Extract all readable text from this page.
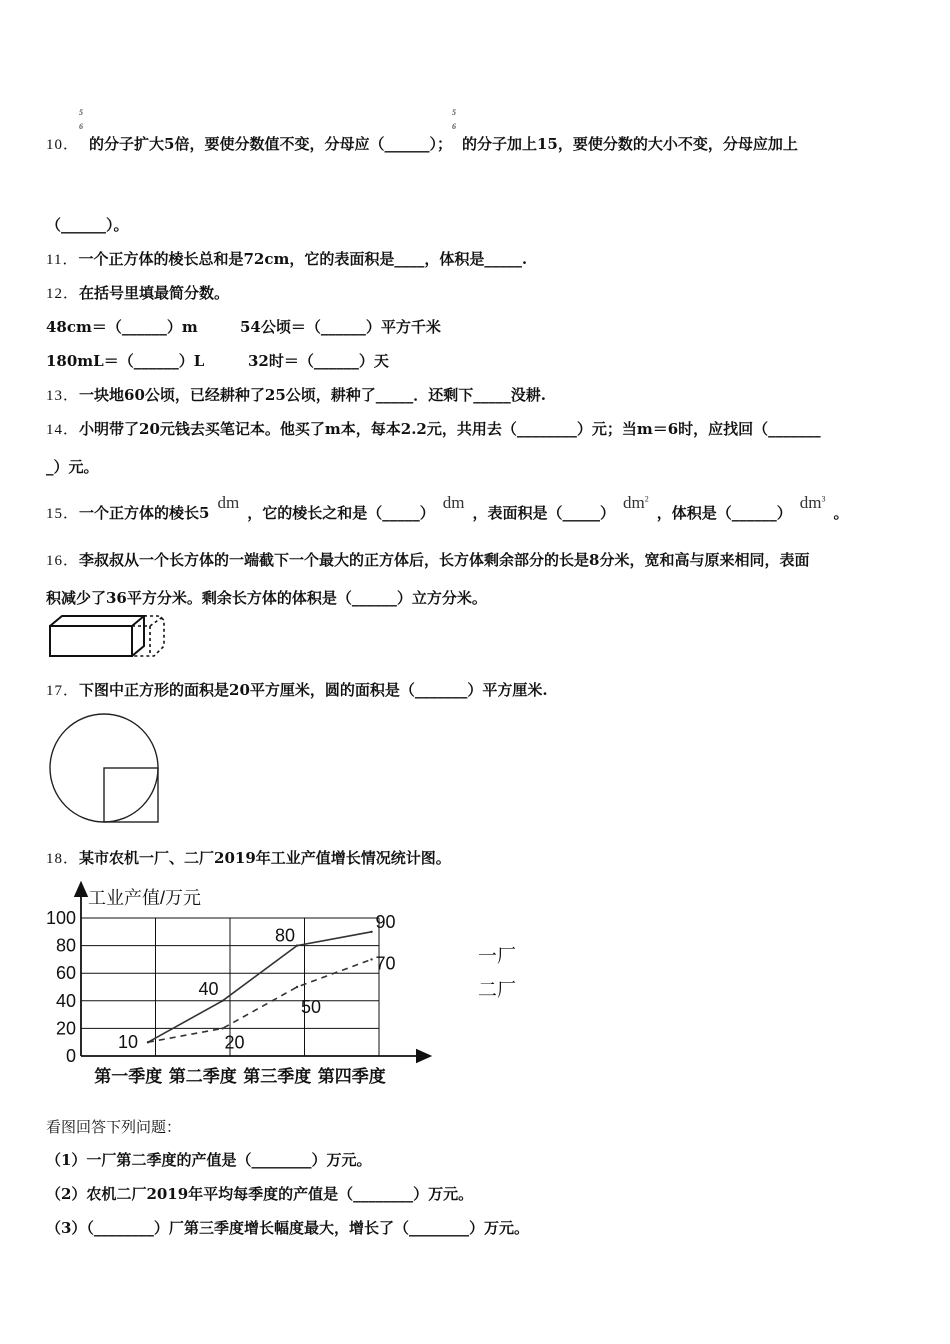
10．
5
6
的分子扩大5倍，要使分数值不变，分母应（______）；
5
6
的分子加上15，要使分数的大小不变，分母应加上
（______）。
11．一个正方体的棱长总和是72cm，它的表面积是____，体积是_____.
12．在括号里填最简分数。
48cm＝（______）m	54公顷＝（______）平方千米
180mL＝（______）L	32时＝（______）天
13．一块地60公顷，已经耕种了25公顷，耕种了_____．还剩下_____没耕.
14．小明带了20元钱去买笔记本。他买了m本，每本2.2元，共用去（________）元；当m＝6时，应找回（_______
_）元。
15．一个正方体的棱长5dm，它的棱长之和是（_____）dm，表面积是$(\_\_\_\_\_)dm^2$，体积是$(\_\_\_\_\_\_)dm^3$。
16．李叔叔从一个长方体的一端截下一个最大的正方体后，长方体剩余部分的长是8分米，宽和高与原来相同，表面
积减少了36平方分米。剩余长方体的体积是（______）立方分米。
17．下图中正方形的面积是20平方厘米，圆的面积是（_______）平方厘米.
18．某市农机一厂、二厂2019年工业产值增长情况统计图。
工业产值/万元
0
20
40
60
80
100
第一季度 第二季度 第三季度 第四季度
10
40
80
90
20
50
70	一厂
二厂
看图回答下列问题：
（1）一厂第二季度的产值是（________）万元。
（2）农机二厂2019年平均每季度的产值是（________）万元。
（3）（________）厂第三季度增长幅度最大，增长了（________）万元。
